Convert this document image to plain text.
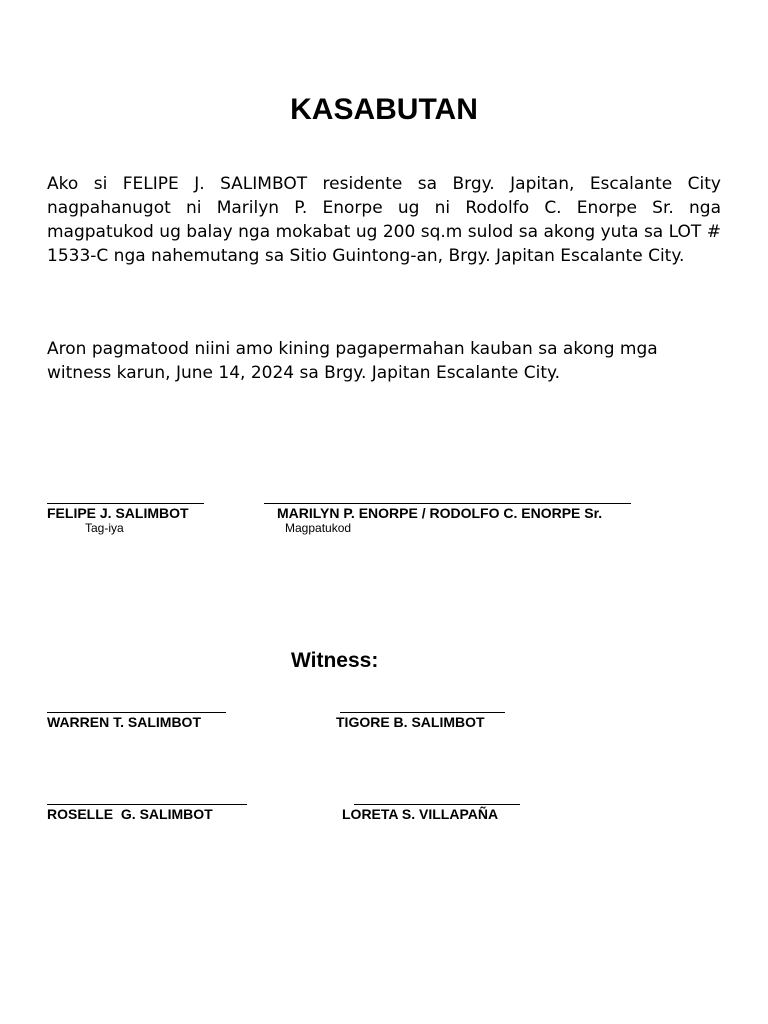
KASABUTAN

Ako si FELIPE J. SALIMBOT residente sa Brgy. Japitan, Escalante City nagpahanugot ni Marilyn P. Enorpe ug ni Rodolfo C. Enorpe Sr. nga magpatukod ug balay nga mokabat ug 200 sq.m sulod sa akong yuta sa LOT # 1533-C nga nahemutang sa Sitio Guintong-an, Brgy. Japitan Escalante City.

Aron pagmatood niini amo kining pagapermahan kauban sa akong mga witness karun, June 14, 2024 sa Brgy. Japitan Escalante City.

FELIPE J. SALIMBOT
Tag-iya
MARILYN P. ENORPE / RODOLFO C. ENORPE Sr.
Magpatukod
Witness:
WARREN T. SALIMBOT	TIGORE B. SALIMBOT
ROSELLE  G. SALIMBOT	LORETA S. VILLAPAÑA
